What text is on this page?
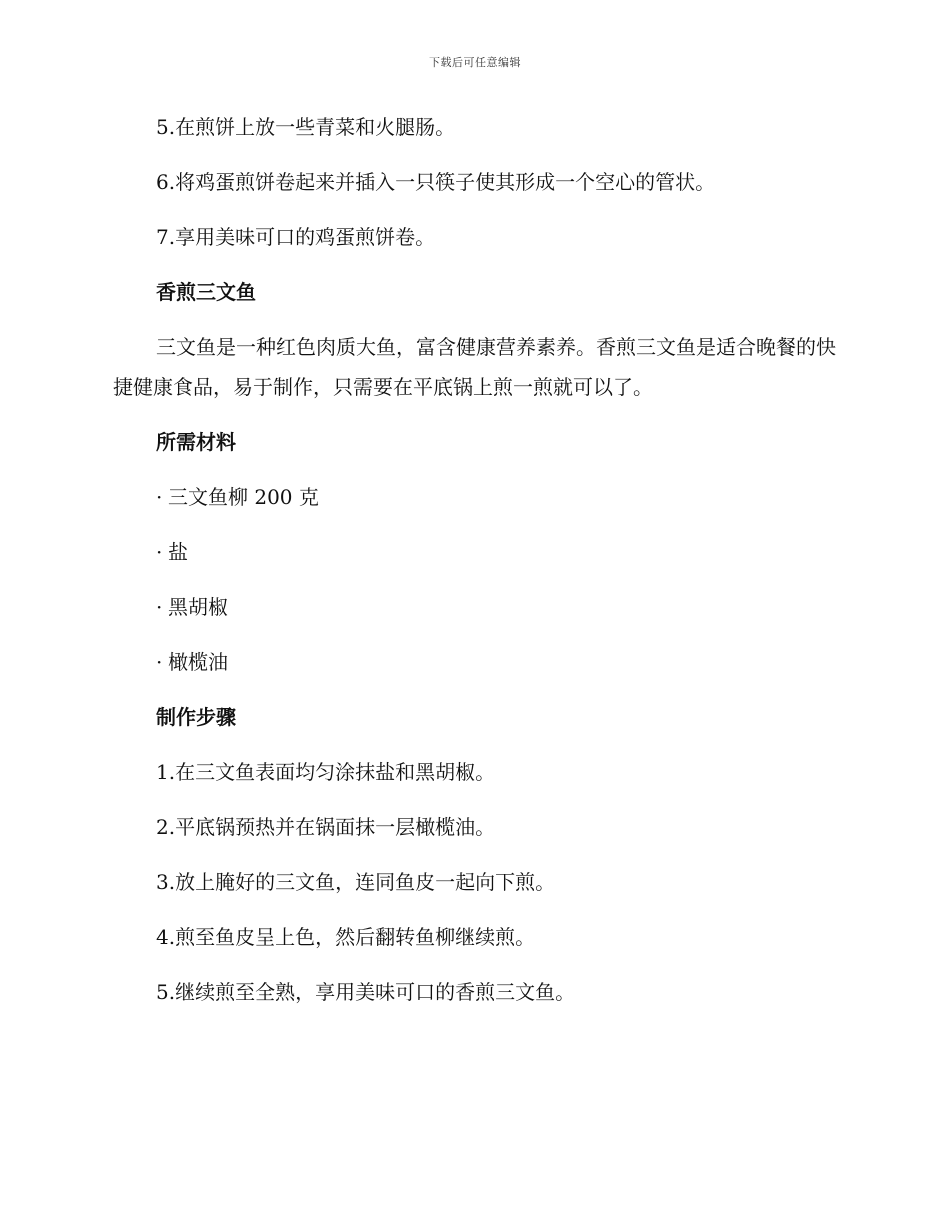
下载后可任意编辑
5.在煎饼上放一些青菜和火腿肠。
6.将鸡蛋煎饼卷起来并插入一只筷子使其形成一个空心的管状。
7.享用美味可口的鸡蛋煎饼卷。
香煎三文鱼
三文鱼是一种红色肉质大鱼，富含健康营养素养。香煎三文鱼是适合晚餐的快捷健康食品，易于制作，只需要在平底锅上煎一煎就可以了。
所需材料
· 三文鱼柳 200 克
· 盐
· 黑胡椒
· 橄榄油
制作步骤
1.在三文鱼表面均匀涂抹盐和黑胡椒。
2.平底锅预热并在锅面抹一层橄榄油。
3.放上腌好的三文鱼，连同鱼皮一起向下煎。
4.煎至鱼皮呈上色，然后翻转鱼柳继续煎。
5.继续煎至全熟，享用美味可口的香煎三文鱼。
